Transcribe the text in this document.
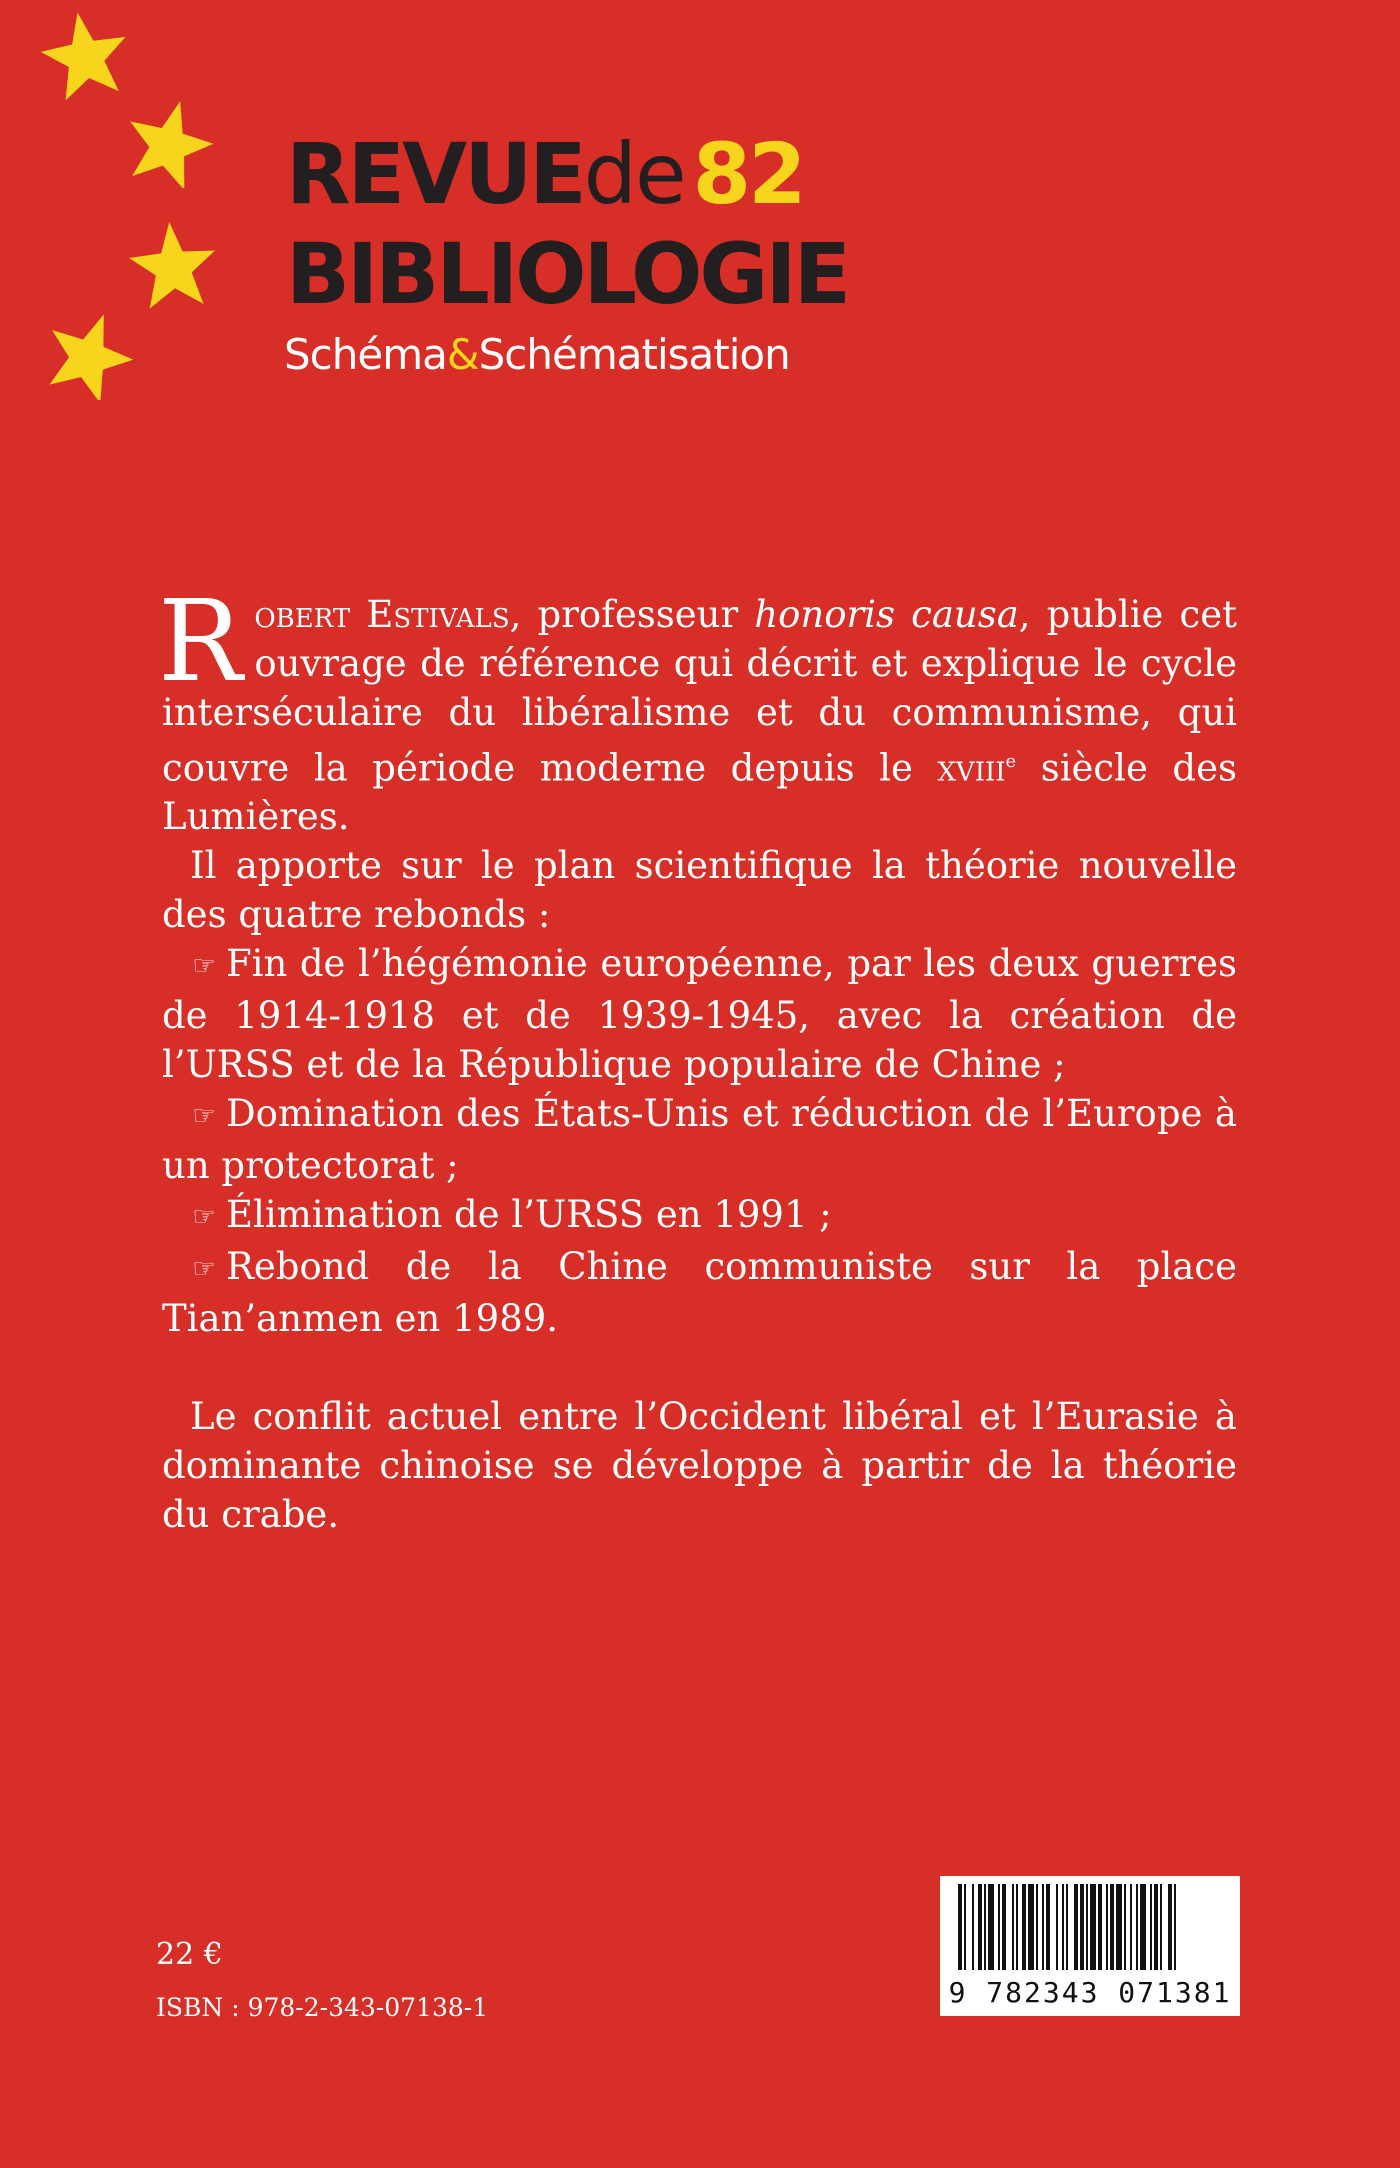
REVUEde82
BIBLIOLOGIE
Schéma&Schématisation

Robert Estivals, professeur honoris causa, publie cet ouvrage de référence qui décrit et explique le cycle interséculaire du libéralisme et du communisme, qui couvre la période moderne depuis le xviii$^e$ siècle des Lumières.

Il apporte sur le plan scientifique la théorie nouvelle des quatre rebonds :

☞ Fin de l’hégémonie européenne, par les deux guerres de 1914-1918 et de 1939-1945, avec la création de l’URSS et de la République populaire de Chine ;

☞ Domination des États-Unis et réduction de l’Europe à un protectorat ;

☞ Élimination de l’URSS en 1991 ;

☞ Rebond de la Chine communiste sur la place Tian’anmen en 1989.

Le conflit actuel entre l’Occident libéral et l’Eurasie à dominante chinoise se développe à partir de la théorie du crabe.

22 €
ISBN : 978-2-343-07138-1	9 782343 071381
